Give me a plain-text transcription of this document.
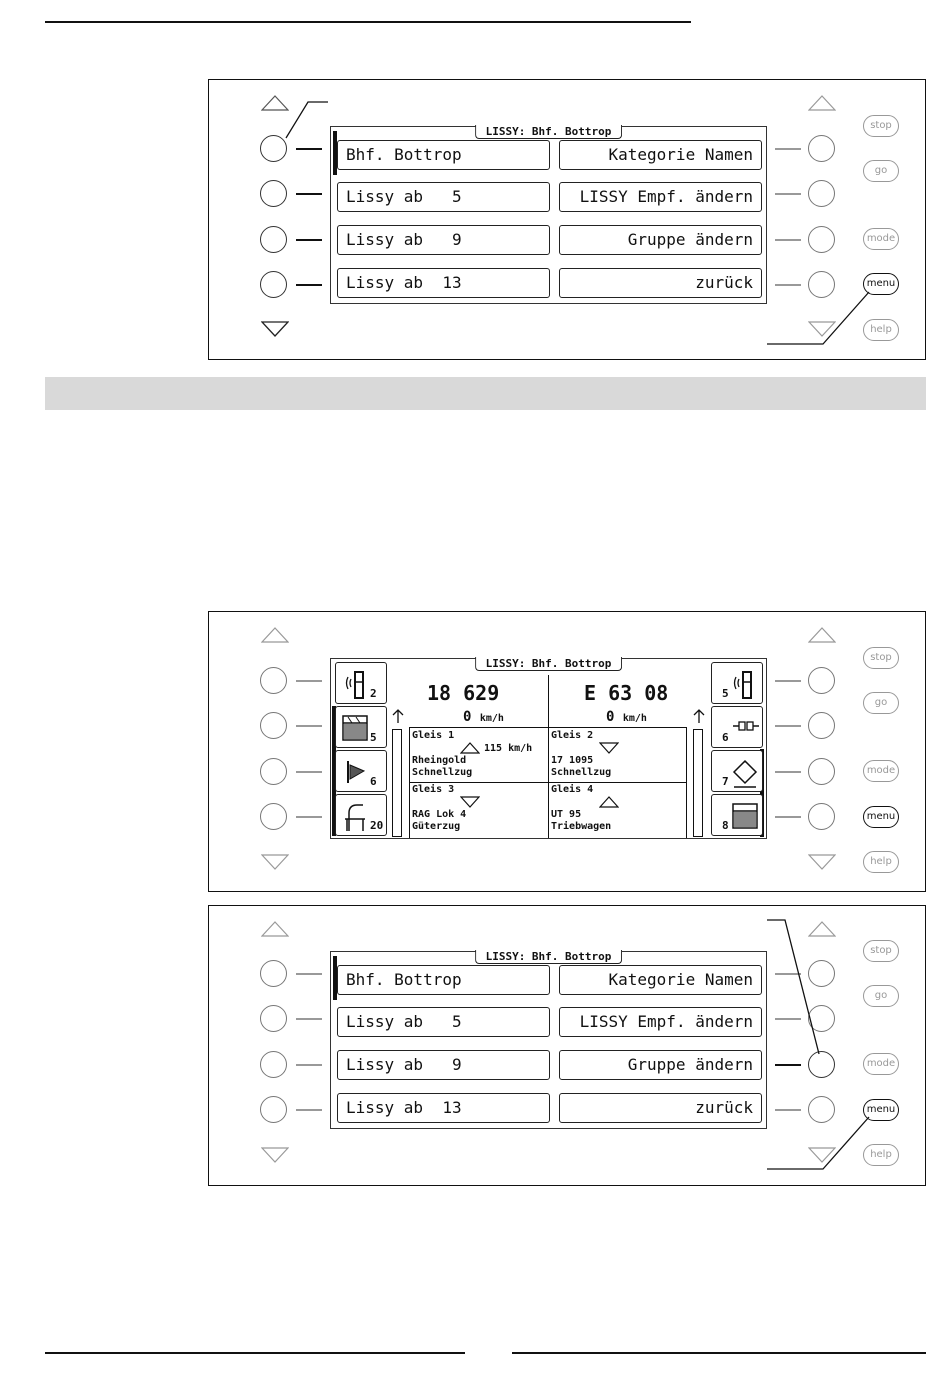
stop
go
mode
menu
help
LISSY: Bhf. Bottrop
Bhf. Bottrop
Lissy ab   5
Lissy ab   9
Lissy ab  13
Kategorie Namen
LISSY Empf. ändern
Gruppe ändern
zurück
stop
go
mode
menu
help
LISSY: Bhf. Bottrop
2
5
6
20
5
6
7
8
18 629	E 63 08
0 km/h	0 km/h
Gleis 1
115 km/h
Rheingold
Schnellzug
Gleis 2
17 1095
Schnellzug
Gleis 3
RAG Lok 4
Güterzug
Gleis 4
UT 95
Triebwagen
stop
go
mode
menu
help
LISSY: Bhf. Bottrop
Bhf. Bottrop
Lissy ab   5
Lissy ab   9
Lissy ab  13
Kategorie Namen
LISSY Empf. ändern
Gruppe ändern
zurück
